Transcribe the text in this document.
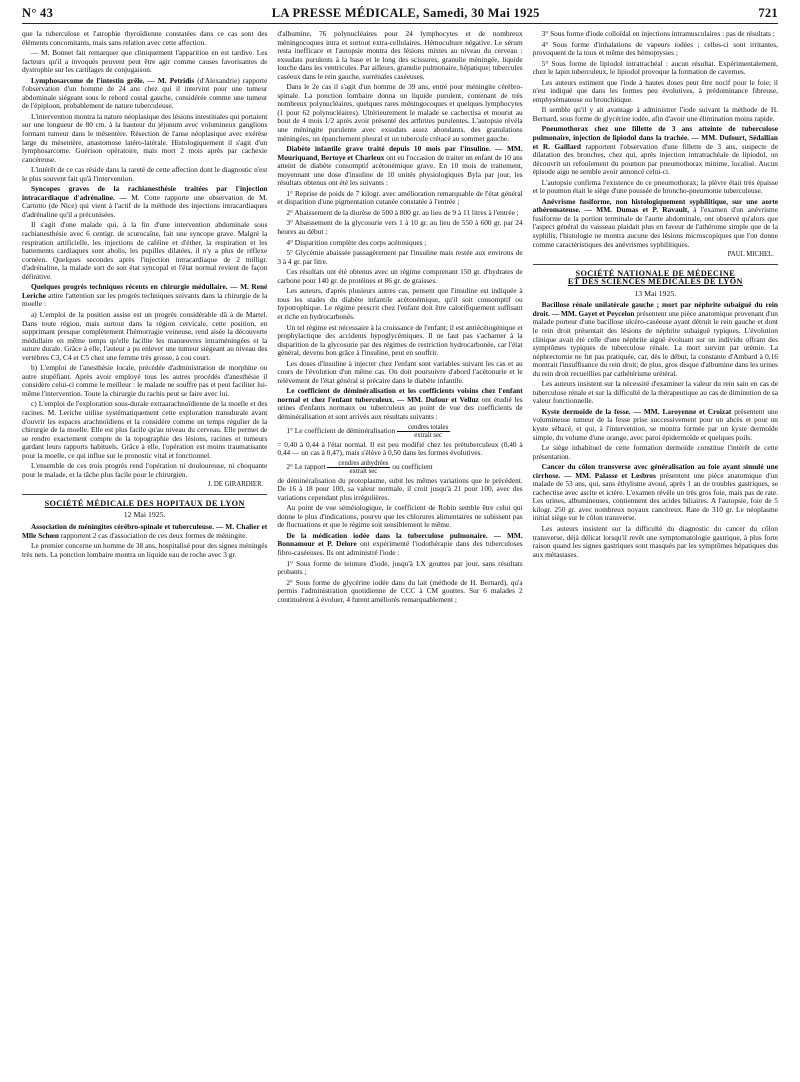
N° 43	LA PRESSE MÉDICALE, Samedi, 30 Mai 1925	721

que la tuberculose et l'atrophie thyroïdienne constatées dans ce cas sont des éléments concomitants, mais sans relation avec cette affection.

— M. Bonnet fait remarquer que cliniquement l'apparition en est tardive. Les facteurs qu'il a invoqués peuvent peut être agir comme causes favorisantes de dystrophie sur les cartilages de conjugaison.

Lymphosarcome de l'intestin grêle. — M. Petridis (d'Alexandrie) rapporte l'observation d'un homme de 24 ans chez qui il intervint pour une tumeur abdominale siégeant sous le rebord costal gauche, considérée comme une tumeur de l'épiploon, probablement de nature tuberculeuse.

L'intervention montra la nature néoplasique des lésions intestinales qui portaient sur une longueur de 80 cm. à la hauteur du jéjunum avec volumineux ganglions formant tumeur dans le mésentère. Résection de l'anse néoplasique avec exérèse large du mésentère, anastomose latéro-latérale. Histologiquement il s'agit d'un lymphosarcome. Guérison opératoire, mais mort 2 mois après par cachexie cancéreuse.

L'intérêt de ce cas réside dans la rareté de cette affection dont le diagnostic n'est le plus souvent fait qu'à l'intervention.

Syncopes graves de la rachianesthésie traitées par l'injection intracardiaque d'adrénaline. — M. Cotte rapporte une observation de M. Cartotto (de Nice) qui vient à l'actif de la méthode des injections intracardiaques d'adrénaline qu'il a préconisées.

Il s'agit d'une malade qui, à la fin d'une intervention abdominale sous rachianesthésie avec 6 centigr. de scurocaïne, fait une syncope grave. Malgré la respiration artificielle, les injections de caféine et d'éther, la respiration et les battements cardiaques sont abolis, les pupilles dilatées, il n'y a plus de réflexe cornéen. Quelques secondes après l'injection intracardiaque de 2 milligr. d'adrénaline, la malade sort de son état syncopal et l'état normal revient de façon définitive.

Quelques progrès techniques récents en chirurgie médullaire. — M. René Leriche attire l'attention sur les progrès techniques suivants dans la chirurgie de la moelle :

a) L'emploi de la position assise est un progrès considérable dû à de Martel. Dans toute région, mais surtout dans la région cervicale, cette position, en supprimant presque complètement l'hémorragie veineuse, rend aisée la découverte médullaire en même temps qu'elle facilite les manœuvres intraméningées et la suture durale. Grâce à elle, l'auteur a pu enlever une tumeur siégeant au niveau des vertèbres C3, C4 et C5 chez une femme très grosse, à cou court.

b) L'emploi de l'anesthésie locale, précédée d'administration de morphine ou autre stupéfiant. Après avoir employé tous les autres procédés d'anesthésie il considère celui-ci comme le meilleur : le malade ne souffre pas et peut faciliter lui-même l'intervention. Toute la chirurgie du rachis peut se faire avec lui.

c) L'emploi de l'exploration sous-durale extraarachnoïdienne de la moelle et des racines. M. Leriche utilise systématiquement cette exploration transdurale avant d'ouvrir les espaces arachnoïdiens et la considère comme un temps régulier de la chirurgie de la moelle. Elle est plus facile qu'au niveau du cerveau. Elle permet de se rendre exactement compte de la topographie des lésions, racines et tumeurs gardant leurs rapports habituels. Grâce à elle, l'opération est moins traumatisante pour la moelle, ce qui influe sur le pronostic vital et fonctionnel.

L'ensemble de ces trois progrès rend l'opération ni douloureuse, ni choquante pour le malade, et la tâche plus facile pour le chirurgien.

J. DE GIRARDIER.
SOCIÉTÉ MÉDICALE DES HOPITAUX DE LYON
12 Mai 1925.

Association de méningites cérébro-spinale et tuberculeuse. — M. Chalier et Mlle Schœn rapportent 2 cas d'association de ces deux formes de méningite.

Le premier concerne un homme de 38 ans, hospitalisé pour des signes méningés très nets. La ponction lombaire montra un liquide eau de roche avec 3 gr.

d'albumine, 76 polynucléaires pour 24 lymphocytes et de nombreux méningocoques intra et surtout extra-cellulaires. Hémoculture négative. Le sérum resta inefficace et l'autopsie montra des lésions mixtes au niveau du cerveau : exsudats purulents à la base et le long des scissures, granulie méningée, liquide louche dans les ventricules. Par ailleurs, granulie pulmonaire, hépatique; tubercules caséeux dans le rein gauche, surrénales caséeuses.

Dans le 2e cas il s'agit d'un homme de 39 ans, entré pour méningite cérébro-spinale. La ponction lombaire donna un liquide purulent, contenant de très nombreux polynucléaires, quelques rares méningocoques et quelques lymphocytes (1 pour 62 polynucléaires). Ultérieurement le malade se cachectisa et mourut au bout de 4 mois 1/2 après avoir présenté des arthrites purulentes. L'autopsie révéla une méningite purulente avec exsudats assez abondants, des granulations méningées, un épanchement pleural et un tubercule crétacé au sommet gauche.

Diabète infantile grave traité depuis 10 mois par l'insuline. — MM. Mouriquand, Bertoye et Charleux ont eu l'occasion de traiter un enfant de 10 ans atteint de diabète consomptif acétonémique grave. En 10 mois de traitement, moyennant une dose d'insuline de 10 unités physiologiques Byla par jour, les résultats obtenus ont été les suivants :

1° Reprise de poids de 7 kilogr. avec amélioration remarquable de l'état général et disparition d'une pigmentation cutanée constatée à l'entrée ;

2° Abaissement de la diurèse de 500 à 800 gr. au lieu de 9 à 11 litres à l'entrée ;

3° Abaissement de la glycosurie vers 1 à 10 gr. au lieu de 550 à 600 gr. par 24 heures au début ;

4° Disparition complète des corps acétoniques ;

5° Glycémie abaissée passagèrement par l'insuline mais restée aux environs de 3 à 4 gr. par litre.

Ces résultats ont été obtenus avec un régime comprenant 150 gr. d'hydrates de carbone pour 140 gr. de protéines et 86 gr. de graisses.

Les auteurs, d'après plusieurs autres cas, pensent que l'insuline est indiquée à tous les stades du diabète infantile acétonémique, qu'il soit consomptif ou hypotrophique. Le régime prescrit chez l'enfant doit être calorifiquement suffisant et riche en hydrocarbonés.

Un tel régime est nécessaire à la croissance de l'enfant; il est antiécétogénique et prophylactique des accidents hypoglycémiques. Il ne faut pas s'acharner à la disparition de la glycosurie par des régimes de restriction hydrocarbonée, car l'état général, devenu bon grâce à l'insuline, peut en souffrir.

Les doses d'insuline à injecter chez l'enfant sont variables suivant les cas et au cours de l'évolution d'un même cas. On doit poursuivre d'abord l'acétonurie et le relèvement de l'état général si précaire dans le diabète infantile.

Le coefficient de déminéralisation et les coefficients voisins chez l'enfant normal et chez l'enfant tuberculeux. — MM. Dufour et Velluz ont étudié les urines d'enfants normaux ou tuberculeux au point de vue des coefficients de déminéralisation et sont arrivés aux résultats suivants :

1° Le coefficient de déminéralisation $\frac{\text{cendres totales}}{\text{extrait sec}}$

= 0,40 à 0,44 à l'état normal. Il est peu modifié chez les prétuberculeux (0,40 à 0,44 — un cas à 0,47), mais s'élève à 0,50 dans les formes évolutives.

2° Le rapport $\frac{\text{cendres anhydrées}}{\text{extrait sec}}$ ou coefficient

de déminéralisation du protoplasme, subit les mêmes variations que le précédent. De 16 à 18 pour 100, sa valeur normale, il croit jusqu'à 21 pour 100, avec des variations cependant plus irrégulières.

Au point de vue séméiologique, le coefficient de Robin semble être celui qui donne le plus d'indications, pourvu que les chlorures alimentaires ne subissent pas de fluctuations et que le régime soit sensiblement le même.

De la médication iodée dans la tuberculose pulmonaire. — MM. Bonnamour et P. Delore ont expérimenté l'iodothérapie dans des tuberculoses fibro-caséeuses. Ils ont administré l'iode :

1° Sous forme de teinture d'iode, jusqu'à LX gouttes par jour, sans résultats probants ;

2° Sous forme de glycérine iodée dans du lait (méthode de H. Bernard), qu'a permis l'administration quotidienne de CCC à CM gouttes. Sur 6 malades 2 continuèrent à évoluer, 4 furent améliorés remarquablement ;

3° Sous forme d'iode colloïdal en injections intramusculaires : pas de résultats ;

4° Sous forme d'inhalations de vapeurs iodées ; celles-ci sont irritantes, provoquent de la toux et même des hémoptysies ;

5° Sous forme de lipiodol intratrachéal : aucun résultat. Expérimentalement, chez le lapin tuberculeux, le lipiodol provoque la formation de cavernes.

Les auteurs estiment que l'iode à hautes doses peut être nocif pour le foie; il n'est indiqué que dans les formes peu évolutives, à prédominance fibreuse, emphysémateuse ou bronchitique.

Il semble qu'il y ait avantage à administrer l'iode suivant la méthode de H. Bernard, sous forme de glycérine iodée, afin d'avoir une élimination moins rapide.

Pneumothorax chez une fillette de 3 ans atteinte de tuberculose pulmonaire, injection de lipiodol dans la trachée. — MM. Dufourt, Sédallian et R. Gaillard rapportent l'observation d'une fillette de 3 ans, suspecte de dilatation des bronches, chez qui, après injection intratrachéale de lipiodol, on découvrit un refoulement du poumon par pneumothorax minime, localisé. Aucun épisode aigu ne semble avoir annoncé celui-ci.

L'autopsie confirma l'existence de ce pneumothorax; la plèvre était très épaisse et le poumon était le siège d'une poussée de broncho-pneumonie tuberculeuse.

Anévrisme fusiforme, non histologiquement syphilitique, sur une aorte athéromateuse. — MM. Dumas et P. Ravault, à l'examen d'un anévrisme fusiforme de la portion terminale de l'aorte abdominale, ont observé qu'alors que l'aspect général du vaisseau plaidait plus en faveur de l'athérome simple que de la syphilis, l'histologie ne montra aucune des lésions microscopiques que l'on donne comme caractéristiques des anévrismes syphilitiques.

PAUL MICHEL.
SOCIÉTÉ NATIONALE DE MÉDECINE
ET DES SCIENCES MÉDICALES DE LYON
13 Mai 1925.

Bacillose rénale unilatérale gauche ; mort par néphrite subaiguë du rein droit. — MM. Gayet et Peycelon présentent une pièce anatomique provenant d'un malade porteur d'une bacillose ulcéro-caséeuse ayant détruit le rein gauche et dont le rein droit présentait des lésions de néphrite subaiguë typiques. L'évolution clinique avait été celle d'une néphrite aiguë évoluant sur un individu offrant des symptômes typiques de tuberculose rénale. La mort survint par urémie. La néphrectomie ne fut pas pratiquée, car, dès le début, la constante d'Ambard à 0,16 montrait l'insuffisance du rein droit; de plus, gros disque d'albumine dans les urines du rein droit recueillies par cathétérisme urétéral.

Les auteurs insistent sur la nécessité d'examiner la valeur du rein sain en cas de tuberculose rénale et sur la difficulté de la thérapeutique au cas de diminution de sa valeur fonctionnelle.

Kyste dermoïde de la fesse. — MM. Laroyenne et Croizat présentent une volumineuse tumeur de la fesse prise successivement pour un abcès et pour un kyste sébacé, et qui, à l'intervention, se montra formée par un kyste dermoïde simple, du volume d'une orange, avec paroi épidermoïde et quelques poils.

Le siège inhabituel de cette formation dermoïde constitue l'intérêt de cette présentation.

Cancer du côlon transverse avec généralisation au foie ayant simulé une cirrhose. — MM. Palasse et Lesbros présentent une pièce anatomique d'un malade de 53 ans, qui, sans éthylisme avoué, après 1 an de troubles gastriques, se cachectise avec ascite et ictère. L'examen révèle un très gros foie, mais pas de rate. Les urines, albumineuses, contiennent des acides biliaires. A l'autopsie, foie de 5 kilogr. 250 gr. avec nombreux noyaux cancéreux. Rate de 310 gr. Le néoplasme initial siège sur le côlon transverse.

Les auteurs insistent sur la difficulté du diagnostic du cancer du côlon transverse, déjà délicat lorsqu'il revêt une symptomatologie gastrique, à plus forte raison quand les signes gastriques sont masqués par les symptômes hépatiques dus aux métastases.
